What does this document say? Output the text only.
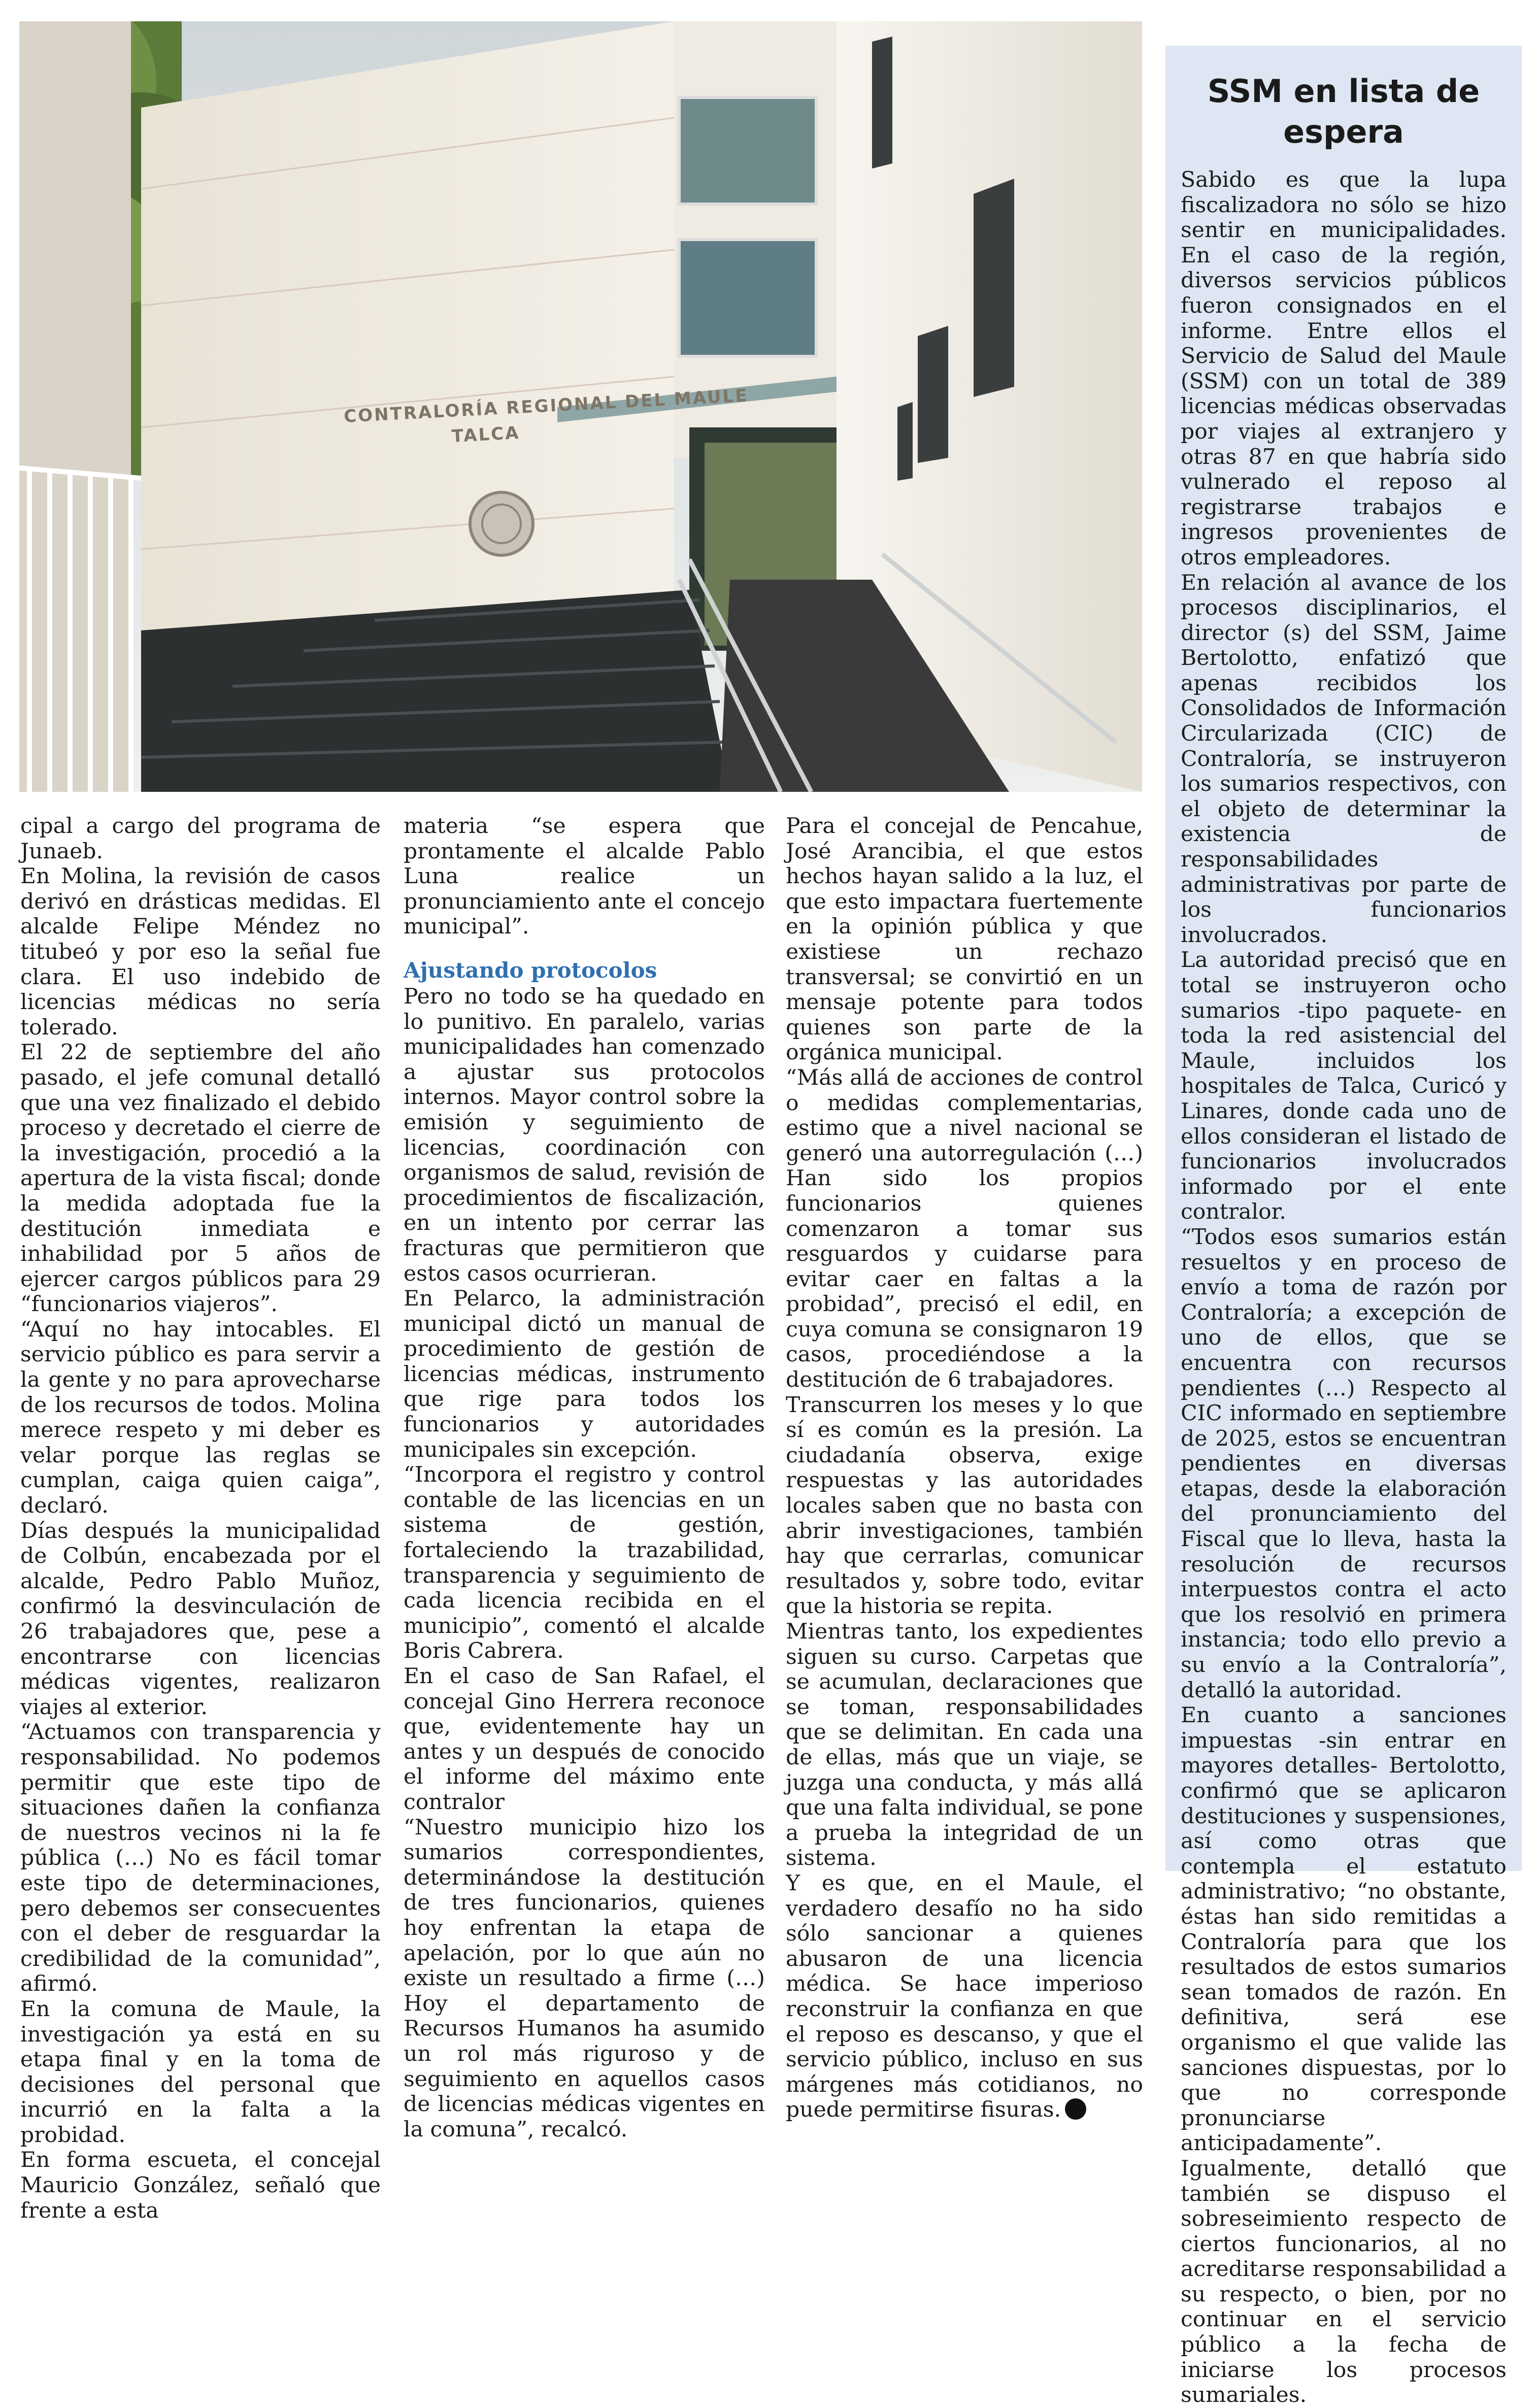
CONTRALORÍA REGIONAL DEL MAULE
TALCA

cipal a cargo del programa de Junaeb.

En Molina, la revisión de casos derivó en drásticas medidas. El alcalde Felipe Méndez no titubeó y por eso la señal fue clara. El uso indebido de licencias médicas no sería tolerado.

El 22 de septiembre del año pasado, el jefe comunal detalló que una vez finalizado el debido proceso y decretado el cierre de la investigación, procedió a la apertura de la vista fiscal; donde la medida adoptada fue la destitución inmediata e inhabilidad por 5 años de ejercer cargos públicos para 29 “funcionarios viajeros”.

“Aquí no hay intocables. El servicio público es para servir a la gente y no para aprovecharse de los recursos de todos. Molina merece respeto y mi deber es velar porque las reglas se cumplan, caiga quien caiga”, declaró.

Días después la municipalidad de Colbún, encabezada por el alcalde, Pedro Pablo Muñoz, confirmó la desvinculación de 26 trabajadores que, pese a encontrarse con licencias médicas vigentes, realizaron viajes al exterior.

“Actuamos con transparencia y responsabilidad. No podemos permitir que este tipo de situaciones dañen la confianza de nuestros vecinos ni la fe pública (…) No es fácil tomar este tipo de determinaciones, pero debemos ser consecuentes con el deber de resguardar la credibilidad de la comunidad”, afirmó.

En la comuna de Maule, la investigación ya está en su etapa final y en la toma de decisiones del personal que incurrió en la falta a la probidad.

En forma escueta, el concejal Mauricio González, señaló que frente a esta

materia “se espera que prontamente el alcalde Pablo Luna realice un pronunciamiento ante el concejo municipal”.

Ajustando protocolos

Pero no todo se ha quedado en lo punitivo. En paralelo, varias municipalidades han comenzado a ajustar sus protocolos internos. Mayor control sobre la emisión y seguimiento de licencias, coordinación con organismos de salud, revisión de procedimientos de fiscalización, en un intento por cerrar las fracturas que permitieron que estos casos ocurrieran.

En Pelarco, la administración municipal dictó un manual de procedimiento de gestión de licencias médicas, instrumento que rige para todos los funcionarios y autoridades municipales sin excepción.

“Incorpora el registro y control contable de las licencias en un sistema de gestión, fortaleciendo la trazabilidad, transparencia y seguimiento de cada licencia recibida en el municipio”, comentó el alcalde Boris Cabrera.

En el caso de San Rafael, el concejal Gino Herrera reconoce que, evidentemente hay un antes y un después de conocido el informe del máximo ente contralor

“Nuestro municipio hizo los sumarios correspondientes, determinándose la destitución de tres funcionarios, quienes hoy enfrentan la etapa de apelación, por lo que aún no existe un resultado a firme (…) Hoy el departamento de Recursos Humanos ha asumido un rol más riguroso y de seguimiento en aquellos casos de licencias médicas vigentes en la comuna”, recalcó.

Para el concejal de Pencahue, José Arancibia, el que estos hechos hayan salido a la luz, el que esto impactara fuertemente en la opinión pública y que existiese un rechazo transversal; se convirtió en un mensaje potente para todos quienes son parte de la orgánica municipal.

“Más allá de acciones de control o medidas complementarias, estimo que a nivel nacional se generó una autorregulación (…) Han sido los propios funcionarios quienes comenzaron a tomar sus resguardos y cuidarse para evitar caer en faltas a la probidad”, precisó el edil, en cuya comuna se consignaron 19 casos, procediéndose a la destitución de 6 trabajadores.

Transcurren los meses y lo que sí es común es la presión. La ciudadanía observa, exige respuestas y las autoridades locales saben que no basta con abrir investigaciones, también hay que cerrarlas, comunicar resultados y, sobre todo, evitar que la historia se repita.

Mientras tanto, los expedientes siguen su curso. Carpetas que se acumulan, declaraciones que se toman, responsabilidades que se delimitan. En cada una de ellas, más que un viaje, se juzga una conducta, y más allá que una falta individual, se pone a prueba la integridad de un sistema.

Y es que, en el Maule, el verdadero desafío no ha sido sólo sancionar a quienes abusaron de una licencia médica. Se hace imperioso reconstruir la confianza en que el reposo es descanso, y que el servicio público, incluso en sus márgenes más cotidianos, no puede permitirse fisuras.

SSM en lista de espera

Sabido es que la lupa fiscalizadora no sólo se hizo sentir en municipalidades. En el caso de la región, diversos servicios públicos fueron consignados en el informe. Entre ellos el Servicio de Salud del Maule (SSM) con un total de 389 licencias médicas observadas por viajes al extranjero y otras 87 en que habría sido vulnerado el reposo al registrarse trabajos e ingresos provenientes de otros empleadores.

En relación al avance de los procesos disciplinarios, el director (s) del SSM, Jaime Bertolotto, enfatizó que apenas recibidos los Consolidados de Información Circularizada (CIC) de Contraloría, se instruyeron los sumarios respectivos, con el objeto de determinar la existencia de responsabilidades administrativas por parte de los funcionarios involucrados.

La autoridad precisó que en total se instruyeron ocho sumarios -tipo paquete- en toda la red asistencial del Maule, incluidos los hospitales de Talca, Curicó y Linares, donde cada uno de ellos consideran el listado de funcionarios involucrados informado por el ente contralor.

“Todos esos sumarios están resueltos y en proceso de envío a toma de razón por Contraloría; a excepción de uno de ellos, que se encuentra con recursos pendientes (…) Respecto al CIC informado en septiembre de 2025, estos se encuentran pendientes en diversas etapas, desde la elaboración del pronunciamiento del Fiscal que lo lleva, hasta la resolución de recursos interpuestos contra el acto que los resolvió en primera instancia; todo ello previo a su envío a la Contraloría”, detalló la autoridad.

En cuanto a sanciones impuestas -sin entrar en mayores detalles- Bertolotto, confirmó que se aplicaron destituciones y suspensiones, así como otras que contempla el estatuto administrativo; “no obstante, éstas han sido remitidas a Contraloría para que los resultados de estos sumarios sean tomados de razón. En definitiva, será ese organismo el que valide las sanciones dispuestas, por lo que no corresponde pronunciarse anticipadamente”.

Igualmente, detalló que también se dispuso el sobreseimiento respecto de ciertos funcionarios, al no acreditarse responsabilidad a su respecto, o bien, por no continuar en el servicio público a la fecha de iniciarse los procesos sumariales.
